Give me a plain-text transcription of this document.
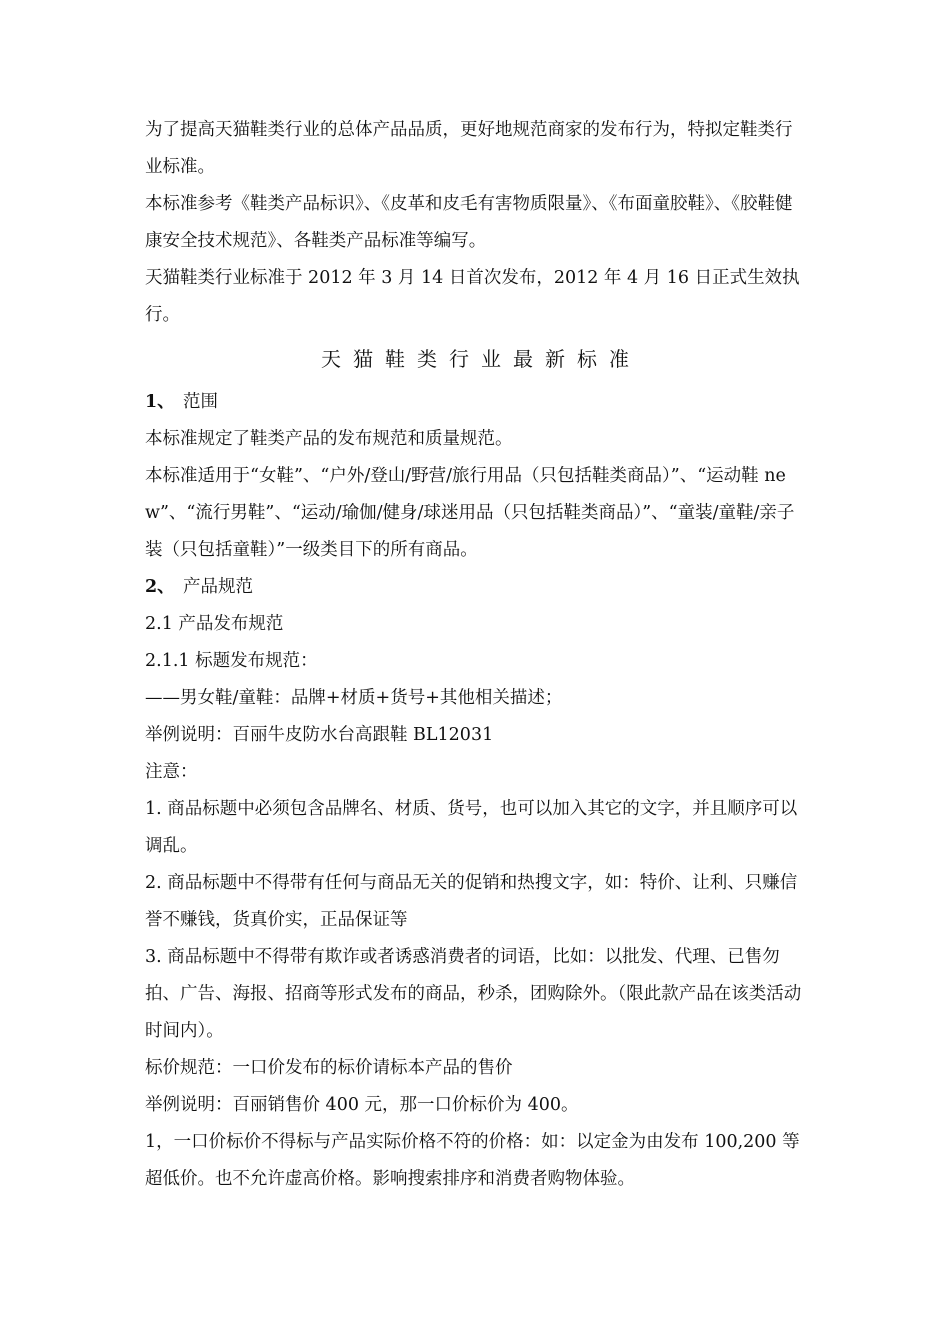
为了提高天猫鞋类行业的总体产品品质，更好地规范商家的发布行为，特拟定鞋类行业标准。

本标准参考《鞋类产品标识》、《皮革和皮毛有害物质限量》、《布面童胶鞋》、《胶鞋健康安全技术规范》、各鞋类产品标准等编写。

天猫鞋类行业标准于 2012 年 3 月 14 日首次发布，2012 年 4 月 16 日正式生效执行。

天猫鞋类行业最新标准

1、 范围

本标准规定了鞋类产品的发布规范和质量规范。

本标准适用于“女鞋”、“户外/登山/野营/旅行用品（只包括鞋类商品）”、“运动鞋 new”、“流行男鞋”、“运动/瑜伽/健身/球迷用品（只包括鞋类商品）”、“童装/童鞋/亲子装（只包括童鞋）”一级类目下的所有商品。

2、 产品规范

2.1 产品发布规范

2.1.1 标题发布规范：

——男女鞋/童鞋：品牌+材质+货号+其他相关描述；

举例说明：百丽牛皮防水台高跟鞋 BL12031

注意：

1. 商品标题中必须包含品牌名、材质、货号，也可以加入其它的文字，并且顺序可以调乱。

2. 商品标题中不得带有任何与商品无关的促销和热搜文字，如：特价、让利、只赚信誉不赚钱，货真价实，正品保证等

3. 商品标题中不得带有欺诈或者诱惑消费者的词语，比如：以批发、代理、已售勿拍、广告、海报、招商等形式发布的商品，秒杀，团购除外。（限此款产品在该类活动时间内）。

标价规范：一口价发布的标价请标本产品的售价

举例说明：百丽销售价 400 元，那一口价标价为 400。

1，一口价标价不得标与产品实际价格不符的价格：如：以定金为由发布 100,200 等超低价。也不允许虚高价格。影响搜索排序和消费者购物体验。
